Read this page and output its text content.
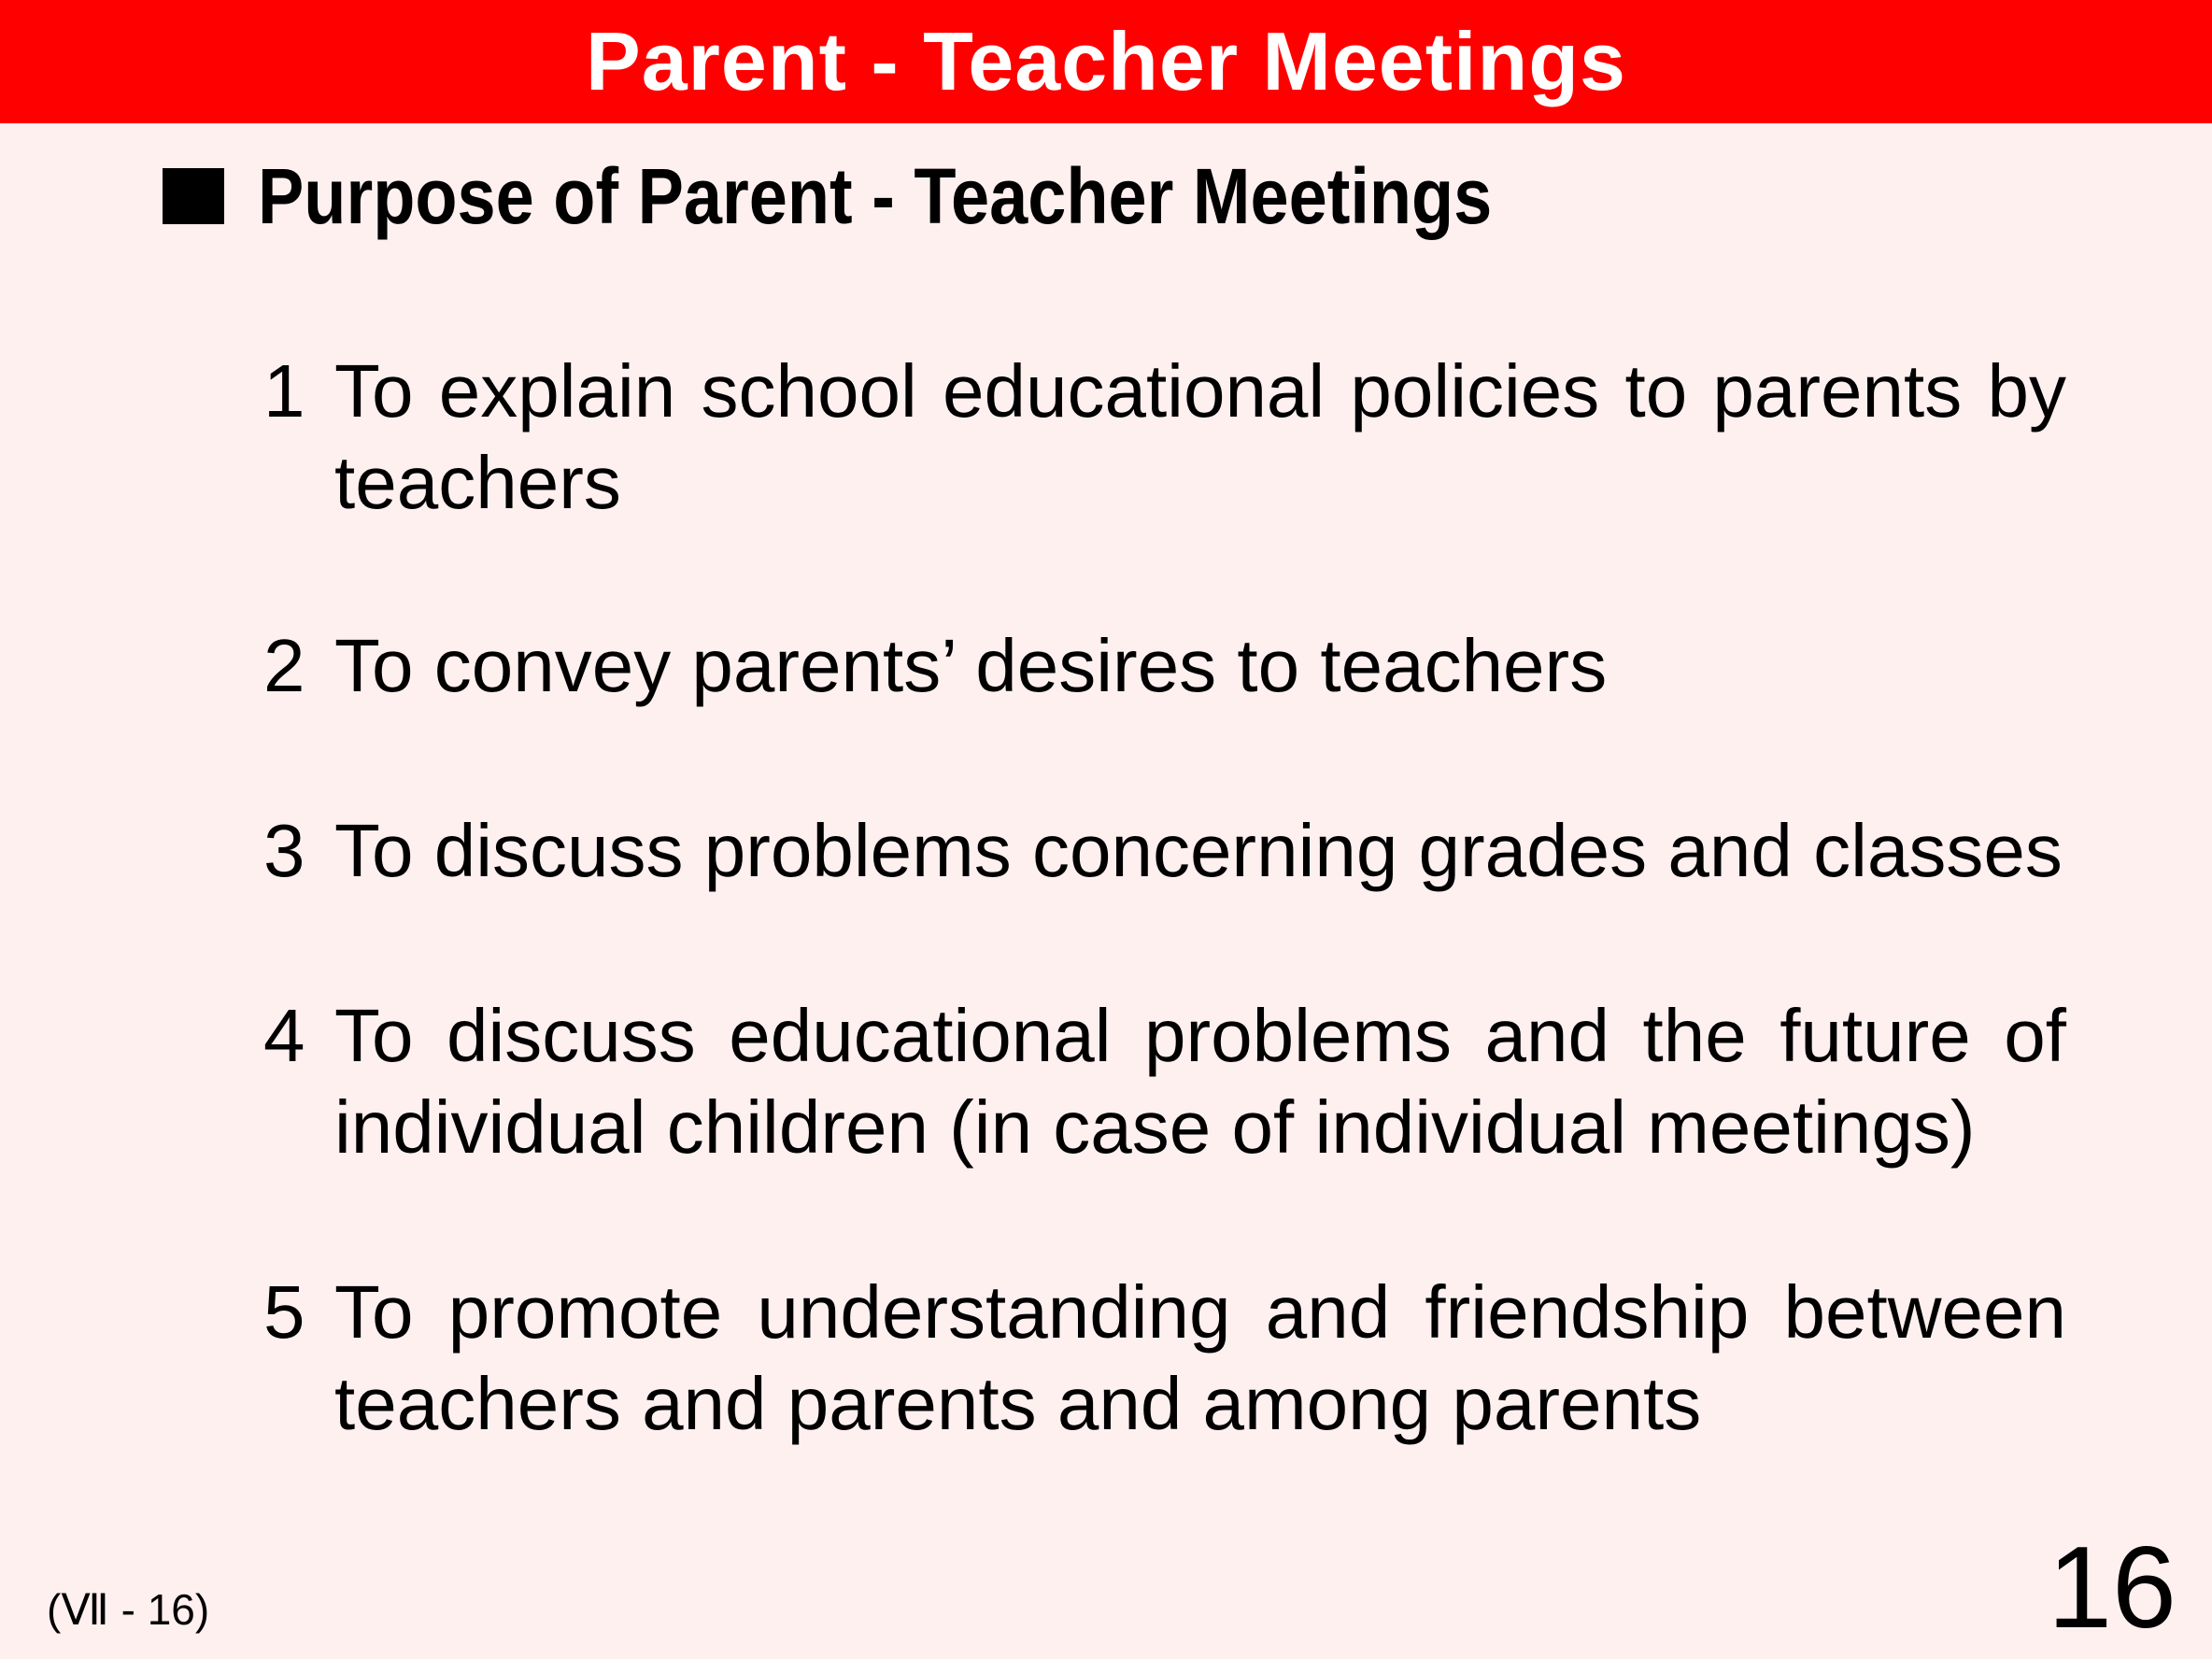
Parent - Teacher Meetings
Purpose of Parent - Teacher Meetings
1 To explain school educational policies to parents by teachers
2 To convey parents’ desires to teachers
3 To discuss problems concerning grades and classes
4 To discuss educational problems and the future of individual children (in case of individual meetings)
5 To promote understanding and friendship between teachers and parents and among parents
(Ⅶ - 16)	16
